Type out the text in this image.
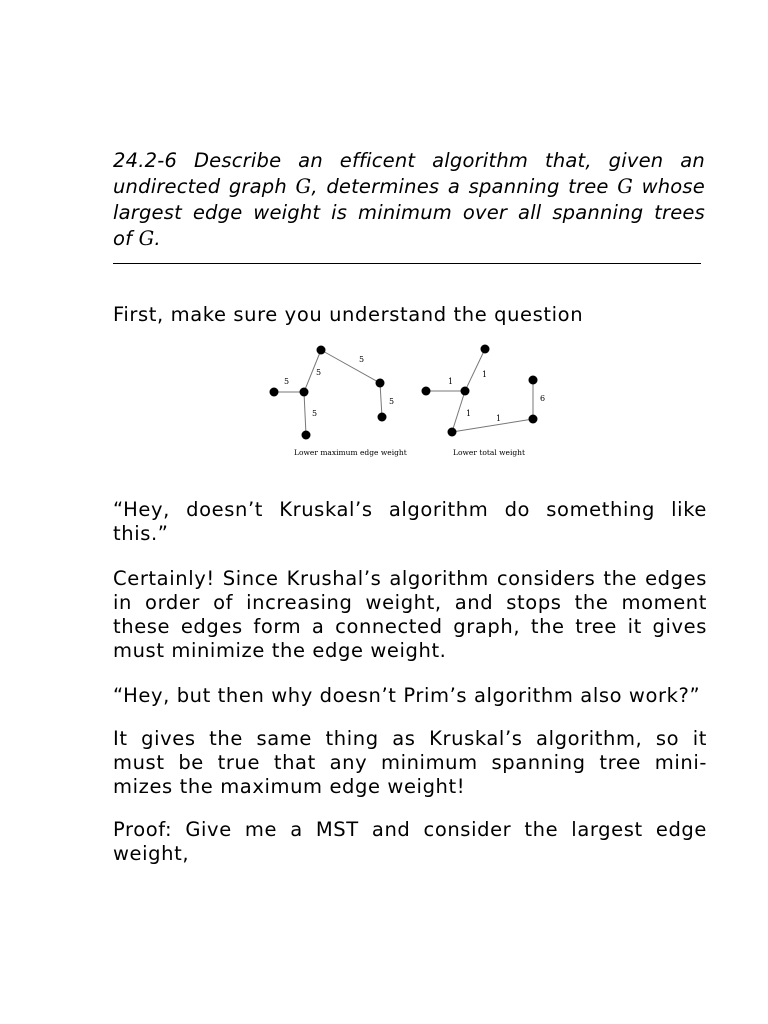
24.2-6 Describe an efficent algorithm that, given an
undirected graph G, determines a spanning tree G whose
largest edge weight is minimum over all spanning trees
of G.
First, make sure you understand the question
5
5
5
5
5
Lower maximum edge weight
1
1
1
1
6
Lower total weight
“Hey, doesn’t Kruskal’s algorithm do something like
this.”
Certainly! Since Krushal’s algorithm considers the edges
in order of increasing weight, and stops the moment
these edges form a connected graph, the tree it gives
must minimize the edge weight.
“Hey, but then why doesn’t Prim’s algorithm also work?”
It gives the same thing as Kruskal’s algorithm, so it
must be true that any minimum spanning tree mini-
mizes the maximum edge weight!
Proof: Give me a MST and consider the largest edge
weight,
